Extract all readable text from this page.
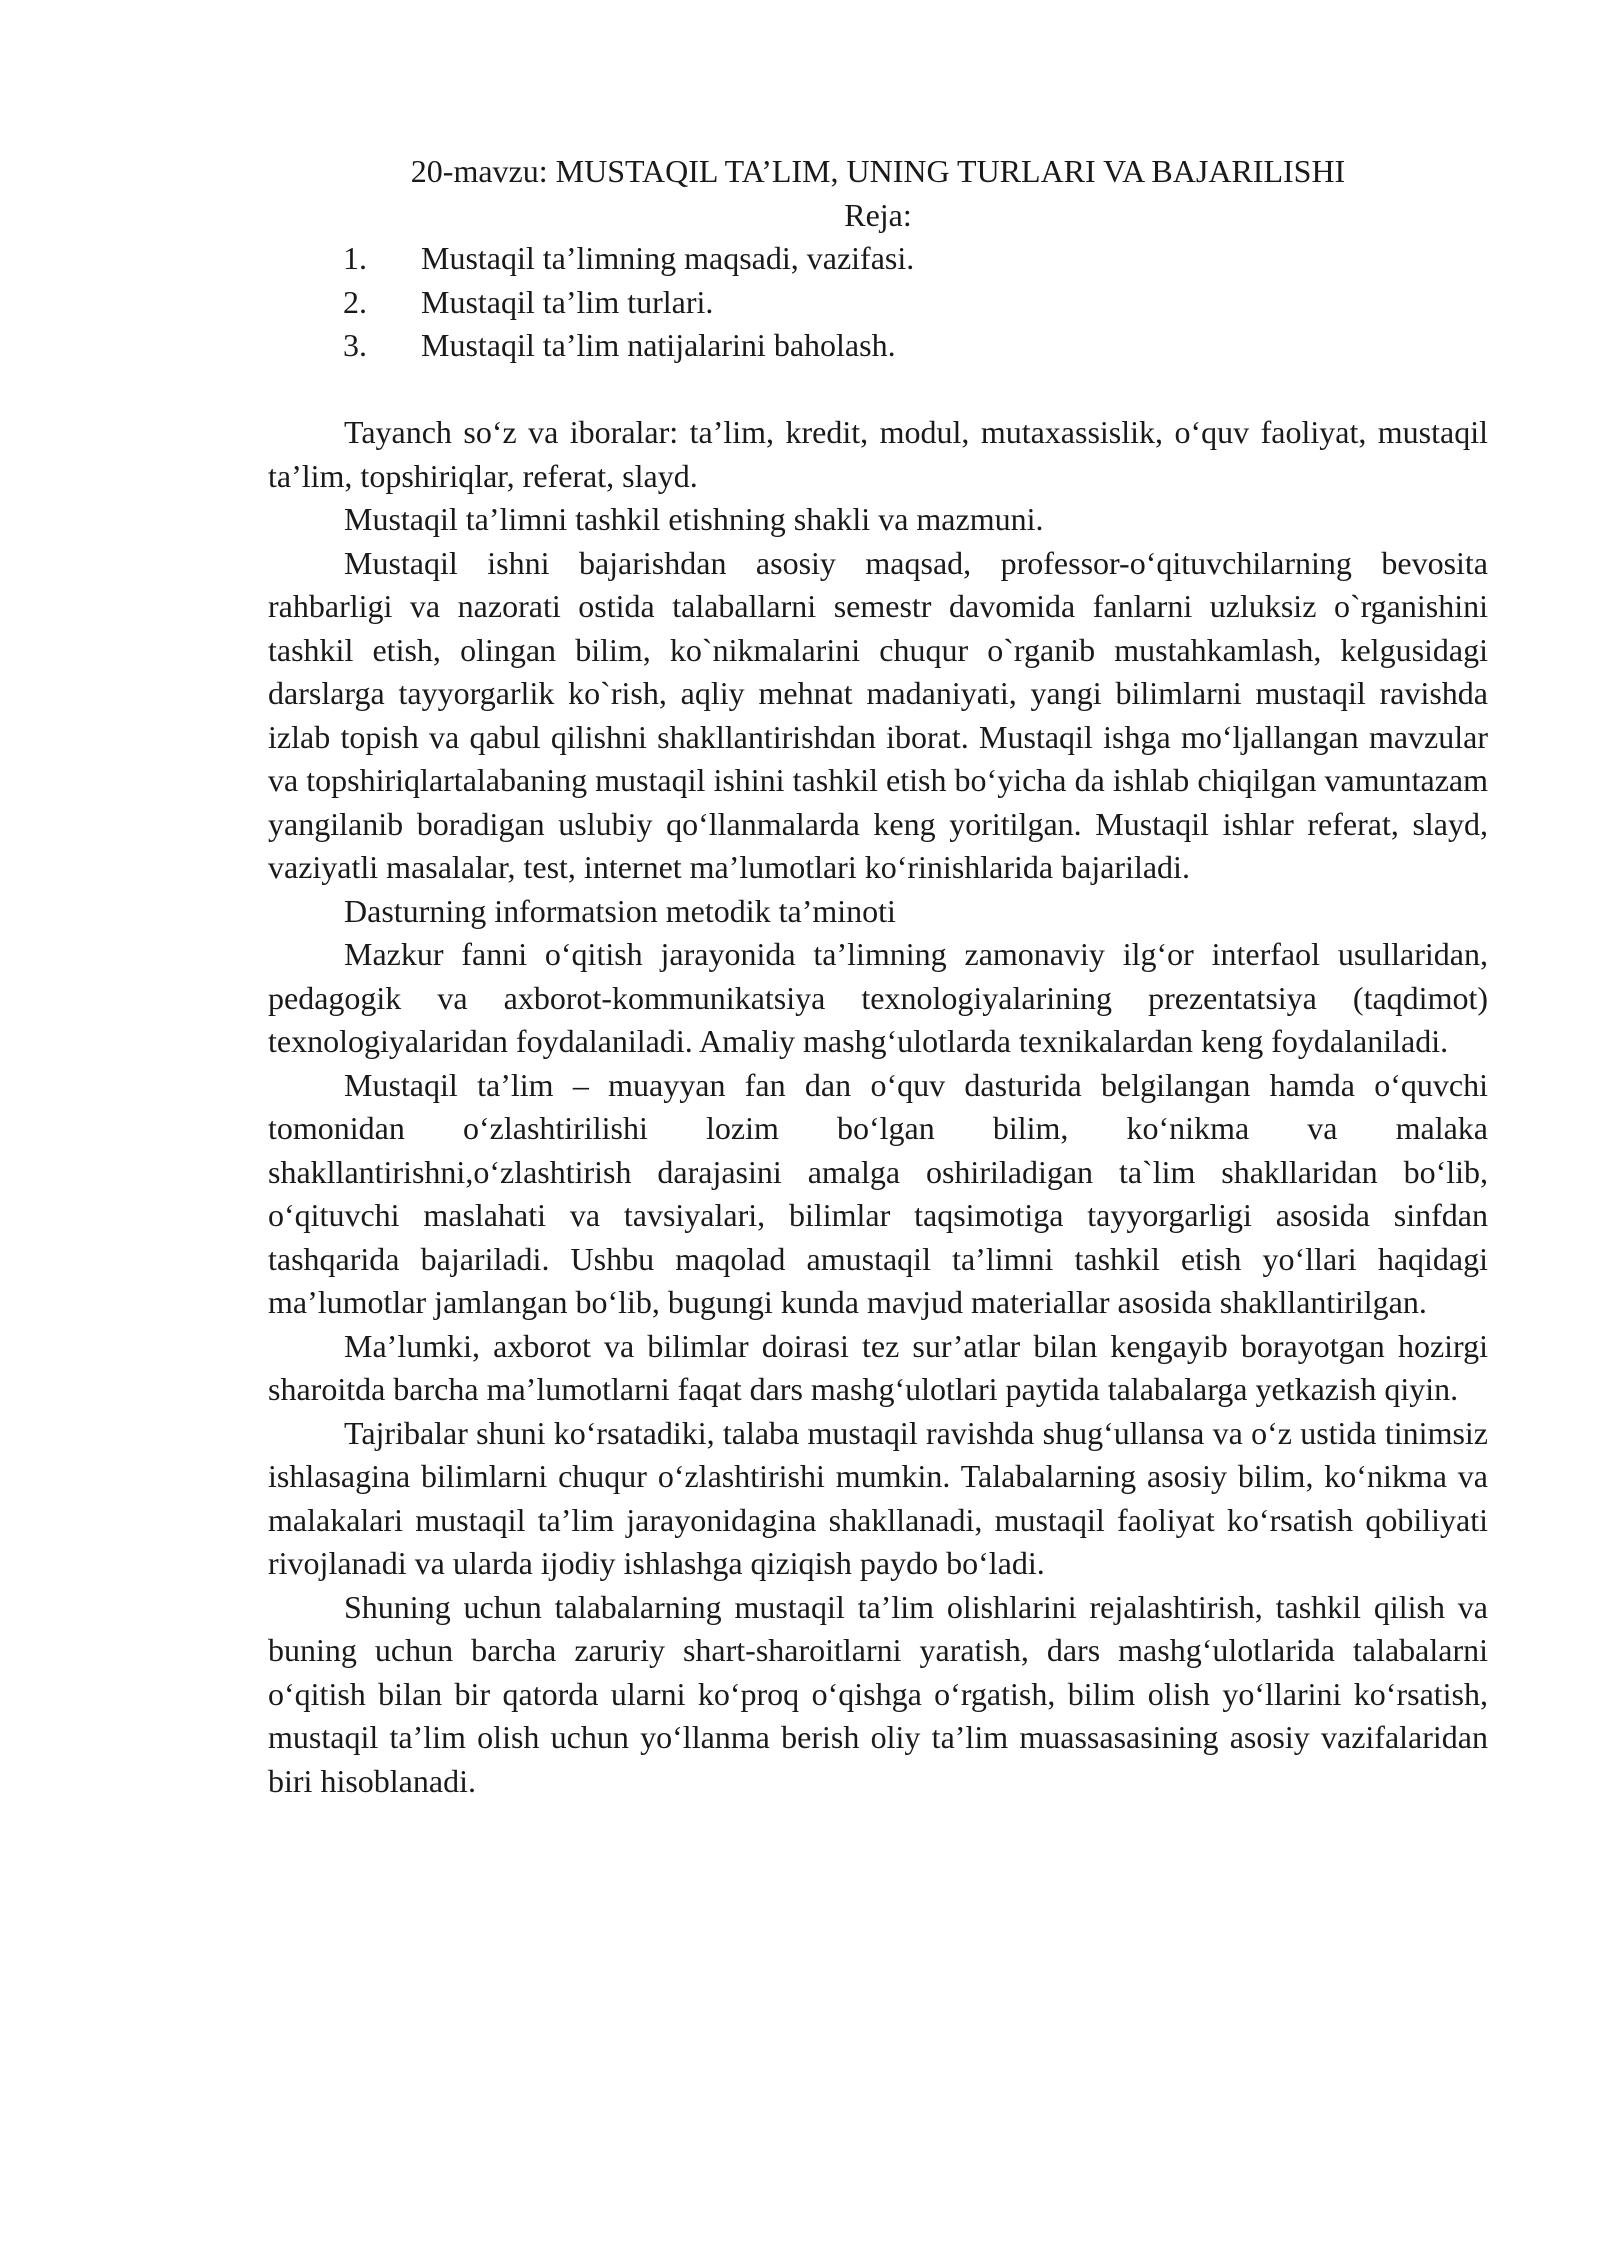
20-mavzu: MUSTAQIL TA’LIM, UNING TURLARI VA BAJARILISHI
Reja:
1.	Mustaqil ta’limning maqsadi, vazifasi.
2.	Mustaqil ta’lim turlari.
3.	Mustaqil ta’lim natijalarini baholash.

Tayanch so‘z va iboralar: ta’lim, kredit, modul, mutaxassislik, o‘quv faoliyat, mustaqil ta’lim, topshiriqlar, referat, slayd.

Mustaqil ta’limni tashkil etishning shakli va mazmuni.

Mustaqil ishni bajarishdan asosiy maqsad, professor-o‘qituvchilarning bevosita rahbarligi va nazorati ostida talaballarni semestr davomida fanlarni uzluksiz o`rganishini tashkil etish, olingan bilim, ko`nikmalarini chuqur o`rganib mustahkamlash, kelgusidagi darslarga tayyorgarlik ko`rish, aqliy mehnat madaniyati, yangi bilimlarni mustaqil ravishda izlab topish va qabul qilishni shakllantirishdan iborat. Mustaqil ishga mo‘ljallangan mavzular va topshiriqlartalabaning mustaqil ishini tashkil etish bo‘yicha da ishlab chiqilgan vamuntazam yangilanib boradigan uslubiy qo‘llanmalarda keng yoritilgan. Mustaqil ishlar referat, slayd, vaziyatli masalalar, test, internet ma’lumotlari ko‘rinishlarida bajariladi.

Dasturning informatsion metodik ta’minoti

Mazkur fanni o‘qitish jarayonida ta’limning zamonaviy ilg‘or interfaol usullaridan, pedagogik va axborot-kommunikatsiya texnologiyalarining prezentatsiya (taqdimot) texnologiyalaridan foydalaniladi. Amaliy mashg‘ulotlarda texnikalardan keng foydalaniladi.

Mustaqil ta’lim – muayyan fan dan o‘quv dasturida belgilangan hamda o‘quvchi tomonidan o‘zlashtirilishi lozim bo‘lgan bilim, ko‘nikma va malaka shakllantirishni,o‘zlashtirish darajasini amalga oshiriladigan ta`lim shakllaridan bo‘lib, o‘qituvchi maslahati va tavsiyalari, bilimlar taqsimotiga tayyorgarligi asosida sinfdan tashqarida bajariladi. Ushbu maqolad amustaqil ta’limni tashkil etish yo‘llari haqidagi ma’lumotlar jamlangan bo‘lib, bugungi kunda mavjud materiallar asosida shakllantirilgan.

Ma’lumki, axborot va bilimlar doirasi tez sur’atlar bilan kengayib borayotgan hozirgi sharoitda barcha ma’lumotlarni faqat dars mashg‘ulotlari paytida talabalarga yetkazish qiyin.

Tajribalar shuni ko‘rsatadiki, talaba mustaqil ravishda shug‘ullansa va o‘z ustida tinimsiz ishlasagina bilimlarni chuqur o‘zlashtirishi mumkin. Talabalarning asosiy bilim, ko‘nikma va malakalari mustaqil ta’lim jarayonidagina shakllanadi, mustaqil faoliyat ko‘rsatish qobiliyati rivojlanadi va ularda ijodiy ishlashga qiziqish paydo bo‘ladi.

Shuning uchun talabalarning mustaqil ta’lim olishlarini rejalashtirish, tashkil qilish va buning uchun barcha zaruriy shart-sharoitlarni yaratish, dars mashg‘ulotlarida talabalarni o‘qitish bilan bir qatorda ularni ko‘proq o‘qishga o‘rgatish, bilim olish yo‘llarini ko‘rsatish, mustaqil ta’lim olish uchun yo‘llanma berish oliy ta’lim muassasasining asosiy vazifalaridan biri hisoblanadi.
